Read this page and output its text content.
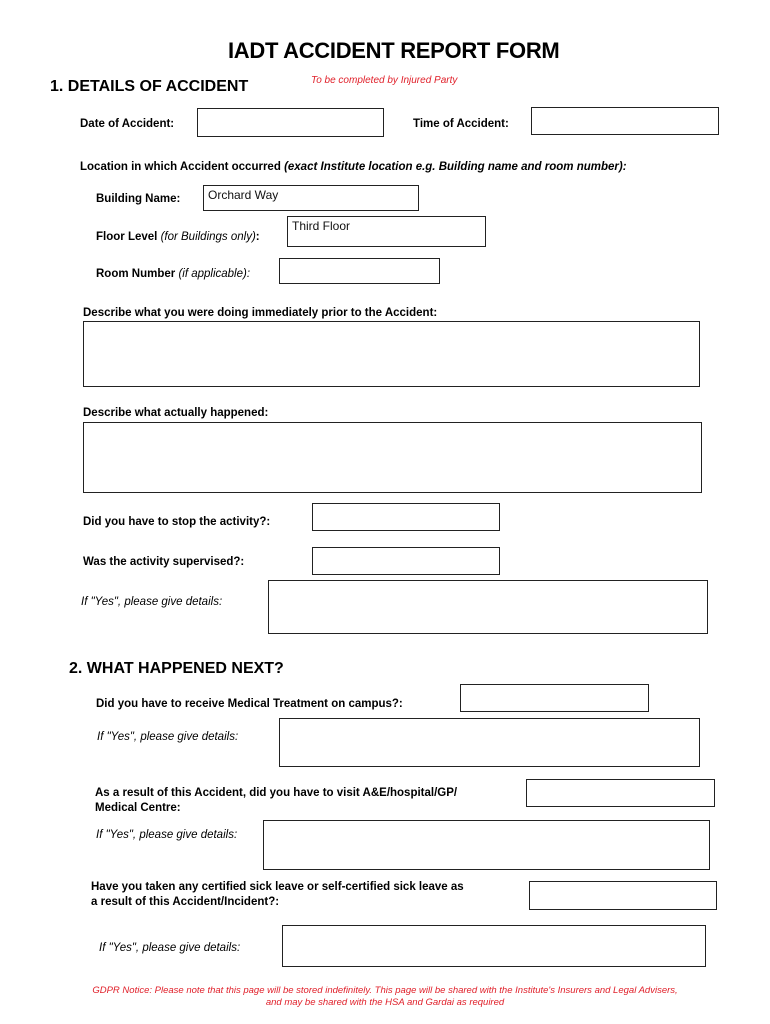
IADT ACCIDENT REPORT FORM
1. DETAILS OF ACCIDENT	To be completed by Injured Party
Date of Accident:	Time of Accident:
Location in which Accident occurred (exact Institute location e.g. Building name and room number):
Building Name:	Orchard Way
Floor Level (for Buildings only):
Third Floor
Room Number (if applicable):
Describe what you were doing immediately prior to the Accident:
Describe what actually happened:
Did you have to stop the activity?:
Was the activity supervised?:
If "Yes", please give details:
2. WHAT HAPPENED NEXT?
Did you have to receive Medical Treatment on campus?:
If "Yes", please give details:
As a result of this Accident, did you have to visit A&E/hospital/GP/
Medical Centre:
If "Yes", please give details:
Have you taken any certified sick leave or self-certified sick leave as
a result of this Accident/Incident?:
If "Yes", please give details:
GDPR Notice: Please note that this page will be stored indefinitely. This page will be shared with the Institute's Insurers and Legal Advisers,
and may be shared with the HSA and Gardai as required
